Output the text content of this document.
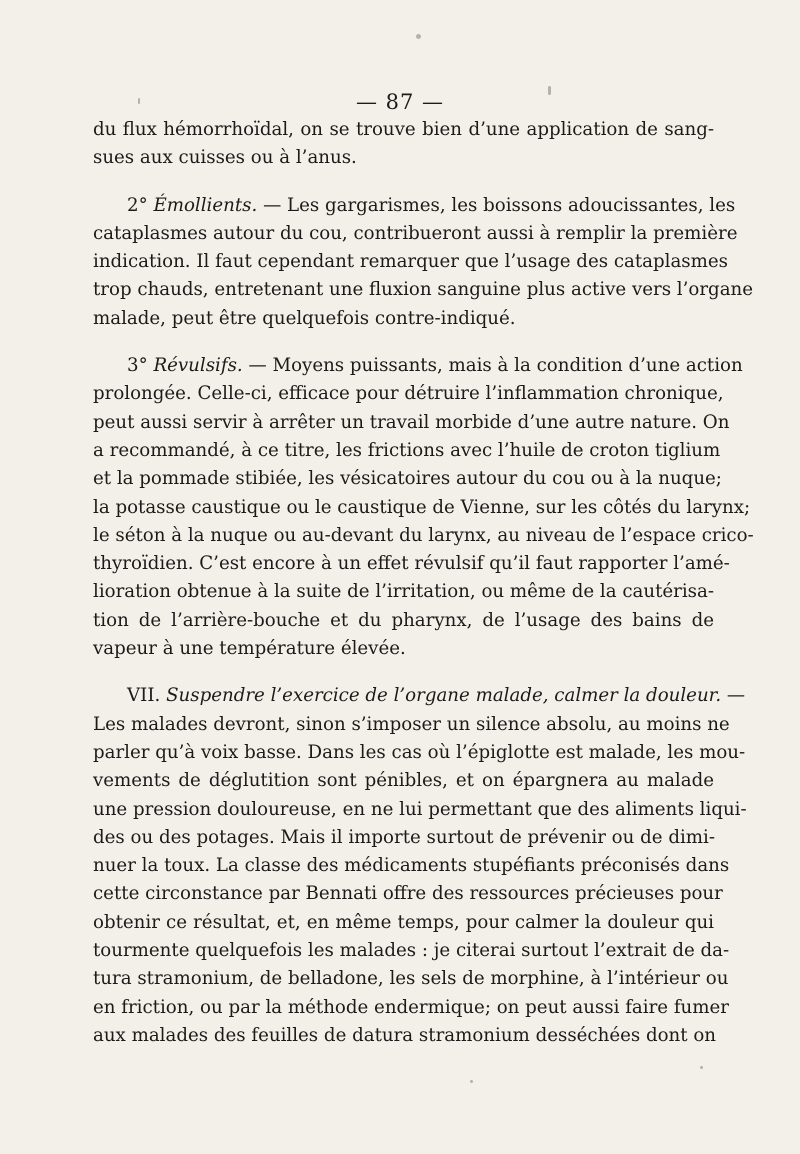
— 87 —
du flux hémorrhoïdal, on se trouve bien d’une application de sang-
sues aux cuisses ou à l’anus.
2° Émollients. — Les gargarismes, les boissons adoucissantes, les
cataplasmes autour du cou, contribueront aussi à remplir la première
indication. Il faut cependant remarquer que l’usage des cataplasmes
trop chauds, entretenant une fluxion sanguine plus active vers l’organe
malade, peut être quelquefois contre-indiqué.
3° Révulsifs. — Moyens puissants, mais à la condition d’une action
prolongée. Celle-ci, efficace pour détruire l’inflammation chronique,
peut aussi servir à arrêter un travail morbide d’une autre nature. On
a recommandé, à ce titre, les frictions avec l’huile de croton tiglium
et la pommade stibiée, les vésicatoires autour du cou ou à la nuque;
la potasse caustique ou le caustique de Vienne, sur les côtés du larynx;
le séton à la nuque ou au-devant du larynx, au niveau de l’espace crico-
thyroïdien. C’est encore à un effet révulsif qu’il faut rapporter l’amé-
lioration obtenue à la suite de l’irritation, ou même de la cautérisa-
tion de l’arrière-bouche et du pharynx, de l’usage des bains de
vapeur à une température élevée.
VII. Suspendre l’exercice de l’organe malade, calmer la douleur. —
Les malades devront, sinon s’imposer un silence absolu, au moins ne
parler qu’à voix basse. Dans les cas où l’épiglotte est malade, les mou-
vements de déglutition sont pénibles, et on épargnera au malade
une pression douloureuse, en ne lui permettant que des aliments liqui-
des ou des potages. Mais il importe surtout de prévenir ou de dimi-
nuer la toux. La classe des médicaments stupéfiants préconisés dans
cette circonstance par Bennati offre des ressources précieuses pour
obtenir ce résultat, et, en même temps, pour calmer la douleur qui
tourmente quelquefois les malades : je citerai surtout l’extrait de da-
tura stramonium, de belladone, les sels de morphine, à l’intérieur ou
en friction, ou par la méthode endermique; on peut aussi faire fumer
aux malades des feuilles de datura stramonium desséchées dont on
